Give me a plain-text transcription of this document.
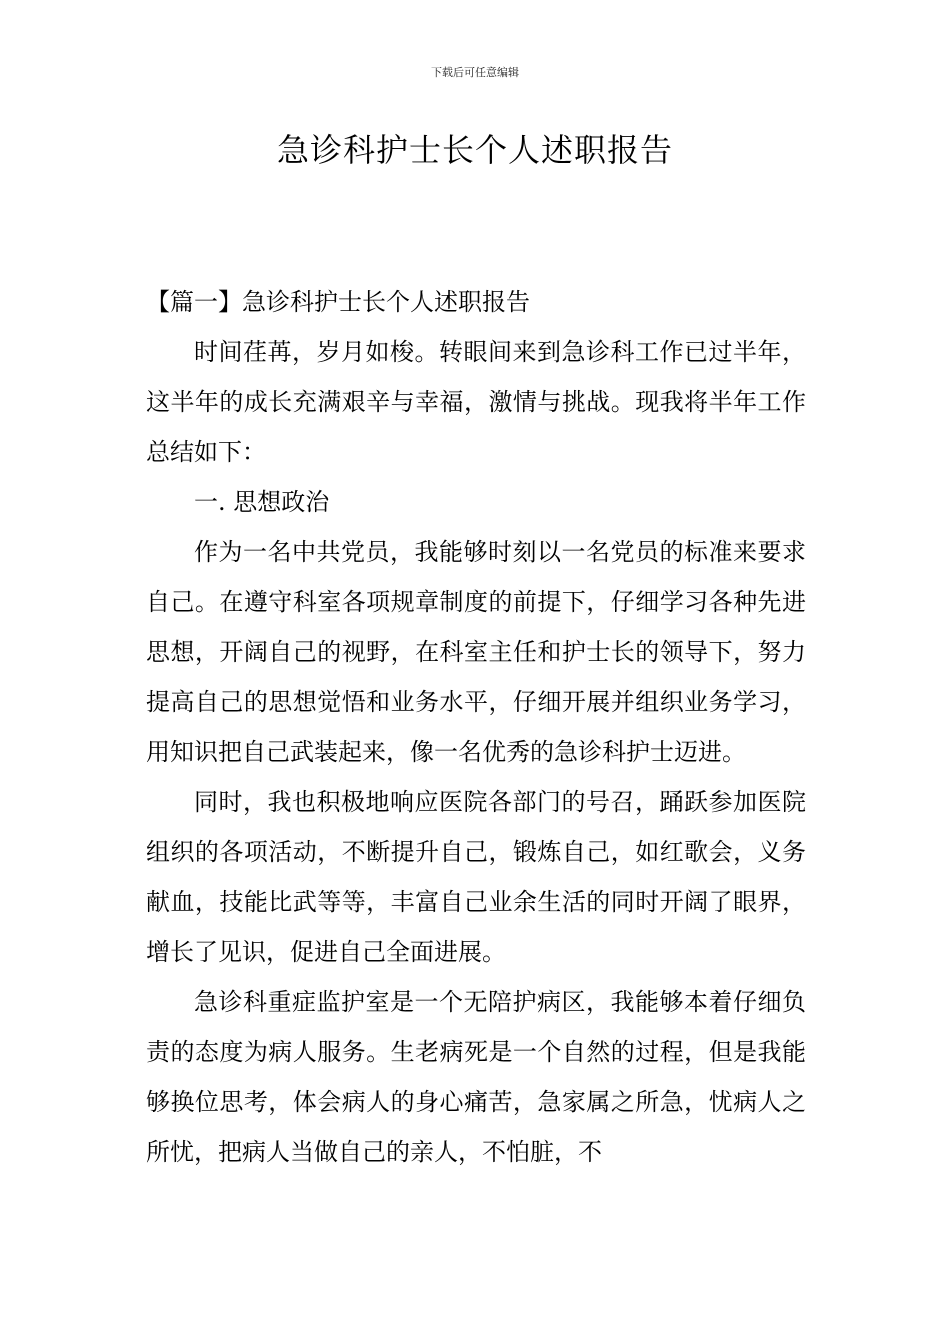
下载后可任意编辑
急诊科护士长个人述职报告

【篇一】急诊科护士长个人述职报告

时间荏苒，岁月如梭。转眼间来到急诊科工作已过半年，这半年的成长充满艰辛与幸福，激情与挑战。现我将半年工作总结如下：

一. 思想政治

作为一名中共党员，我能够时刻以一名党员的标准来要求自己。在遵守科室各项规章制度的前提下，仔细学习各种先进思想，开阔自己的视野，在科室主任和护士长的领导下，努力提高自己的思想觉悟和业务水平，仔细开展并组织业务学习，用知识把自己武装起来，像一名优秀的急诊科护士迈进。

同时，我也积极地响应医院各部门的号召，踊跃参加医院组织的各项活动，不断提升自己，锻炼自己，如红歌会，义务献血，技能比武等等，丰富自己业余生活的同时开阔了眼界，增长了见识，促进自己全面进展。

急诊科重症监护室是一个无陪护病区，我能够本着仔细负责的态度为病人服务。生老病死是一个自然的过程，但是我能够换位思考，体会病人的身心痛苦，急家属之所急，忧病人之所忧，把病人当做自己的亲人，不怕脏，不
